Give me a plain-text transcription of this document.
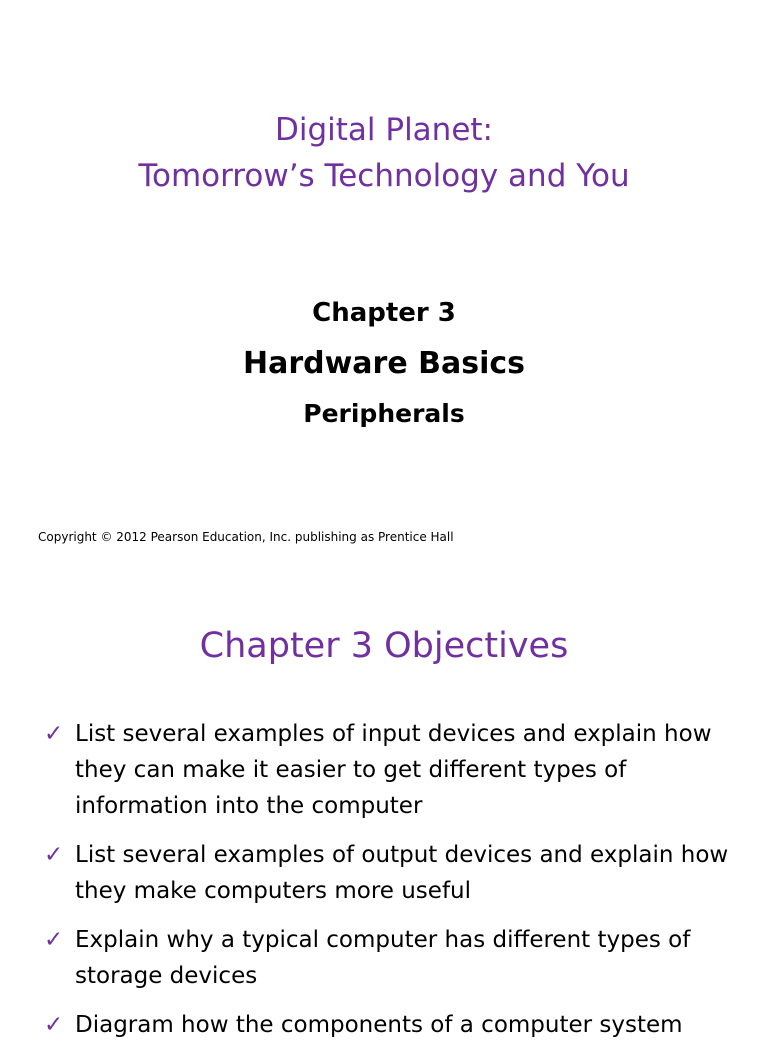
Digital Planet:
Tomorrow’s Technology and You
Chapter 3
Hardware Basics
Peripherals
Copyright © 2012 Pearson Education, Inc. publishing as Prentice Hall
Chapter 3 Objectives
✓ List several examples of input devices and explain how they can make it easier to get different types of information into the computer
✓ List several examples of output devices and explain how they make computers more useful
✓ Explain why a typical computer has different types of storage devices
✓ Diagram how the components of a computer system
